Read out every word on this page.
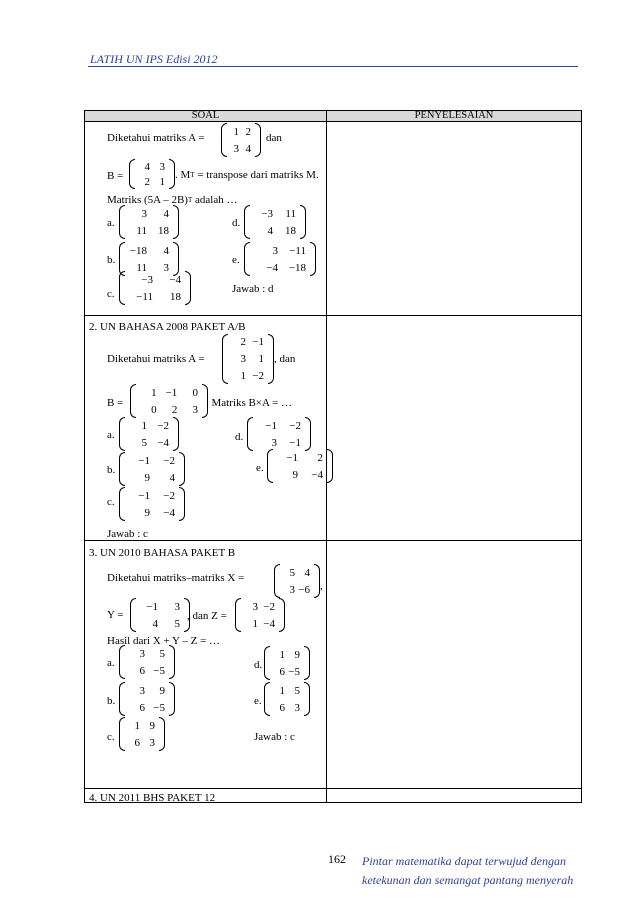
LATIH UN IPS Edisi 2012
SOAL	PENYELESAIAN
Diketahui matriks A =
1 2
3 4
dan
B =
4 3
2 1
. $M^T$ = transpose dari matriks M.
Matriks (5A – 2B)$^T$ adalah …
a.
3	4
11	18
b.
−18	4
11	3
c.
−3	−4
−11	18
d.
−3	11
4	18
e.
3	−11
−4 −18
Jawab : d
2. UN BAHASA 2008 PAKET A/B
Diketahui matriks A =
2 −1
3	1
1 −2
, dan
B =
1 −1	0
0	2	3
. Matriks B×A = …
a.
1 −2
5 −4
b.
−1	−2
9	4
c.
−1	−2
9	−4
d.
−1	−2
3	−1
e.
−1	2
9	−4
Jawab : c
3. UN 2010 BAHASA PAKET B
Diketahui matriks–matriks X =	5 4
3 −6 ,
Y =
−1	3
4	5
, dan Z =
3 −2
1 −4
Hasil dari X + Y – Z = …
a.
3	5
6 −5
b.
3	9
6 −5
c.
1 9
6 3
d.
1 9
6 −5
e.
1 5
6 3
Jawab : c
4. UN 2011 BHS PAKET 12
162 Pintar matematika dapat terwujud dengan
ketekunan dan semangat pantang menyerah
